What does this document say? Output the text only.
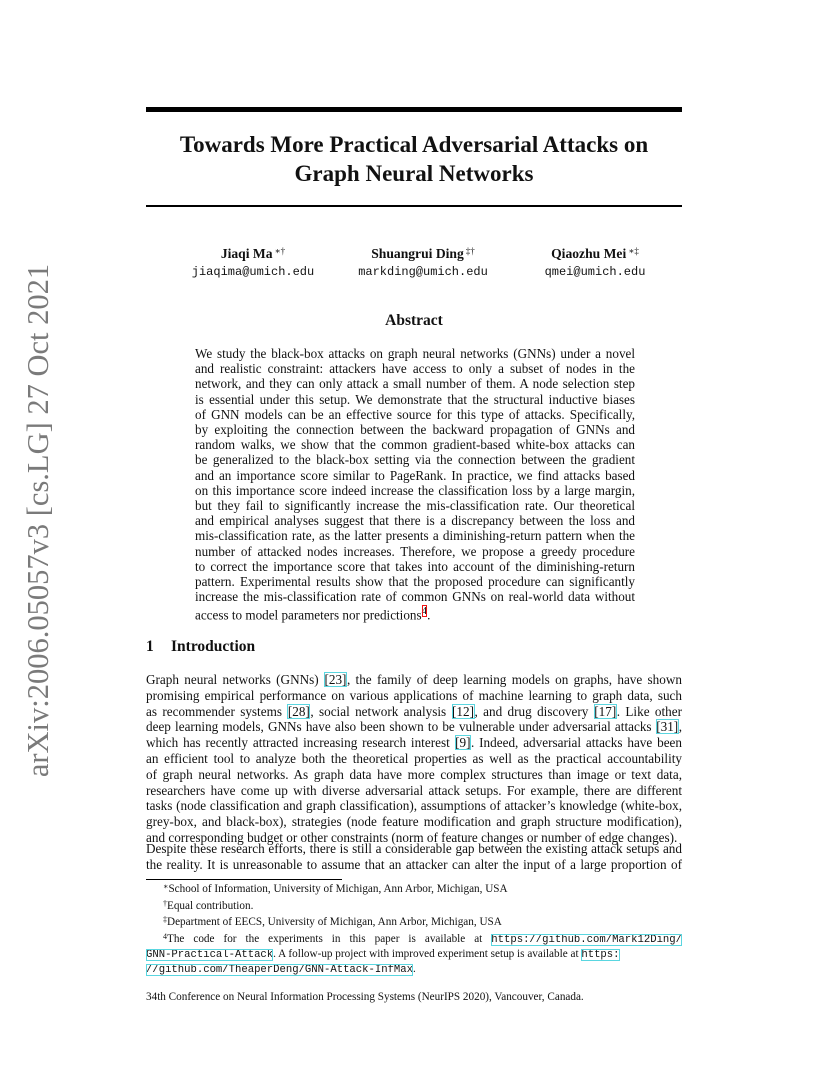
arXiv:2006.05057v3 [cs.LG] 27 Oct 2021
Towards More Practical Adversarial Attacks on
Graph Neural Networks
Jiaqi Ma ∗†
jiaqima@umich.edu
Shuangrui Ding ‡†
markding@umich.edu
Qiaozhu Mei ∗‡
qmei@umich.edu
Abstract
We study the black-box attacks on graph neural networks (GNNs) under a novel
and realistic constraint: attackers have access to only a subset of nodes in the
network, and they can only attack a small number of them. A node selection step
is essential under this setup. We demonstrate that the structural inductive biases
of GNN models can be an effective source for this type of attacks. Specifically,
by exploiting the connection between the backward propagation of GNNs and
random walks, we show that the common gradient-based white-box attacks can
be generalized to the black-box setting via the connection between the gradient
and an importance score similar to PageRank. In practice, we find attacks based
on this importance score indeed increase the classification loss by a large margin,
but they fail to significantly increase the mis-classification rate. Our theoretical
and empirical analyses suggest that there is a discrepancy between the loss and
mis-classification rate, as the latter presents a diminishing-return pattern when the
number of attacked nodes increases. Therefore, we propose a greedy procedure
to correct the importance score that takes into account of the diminishing-return
pattern. Experimental results show that the proposed procedure can significantly
increase the mis-classification rate of common GNNs on real-world data without
access to model parameters nor predictions$^4$.
1 Introduction
Graph neural networks (GNNs) [23], the family of deep learning models on graphs, have shown
promising empirical performance on various applications of machine learning to graph data, such
as recommender systems [28], social network analysis [12], and drug discovery [17]. Like other
deep learning models, GNNs have also been shown to be vulnerable under adversarial attacks [31],
which has recently attracted increasing research interest [9]. Indeed, adversarial attacks have been
an efficient tool to analyze both the theoretical properties as well as the practical accountability
of graph neural networks. As graph data have more complex structures than image or text data,
researchers have come up with diverse adversarial attack setups. For example, there are different
tasks (node classification and graph classification), assumptions of attacker’s knowledge (white-box,
grey-box, and black-box), strategies (node feature modification and graph structure modification),
and corresponding budget or other constraints (norm of feature changes or number of edge changes).
Despite these research efforts, there is still a considerable gap between the existing attack setups and
the reality. It is unreasonable to assume that an attacker can alter the input of a large proportion of
∗School of Information, University of Michigan, Ann Arbor, Michigan, USA
†Equal contribution.
‡Department of EECS, University of Michigan, Ann Arbor, Michigan, USA
$^4$The code for the experiments in this paper is available at https://github.com/Mark12Ding/
GNN-Practical-Attack. A follow-up project with improved experiment setup is available at https:
//github.com/TheaperDeng/GNN-Attack-InfMax.
34th Conference on Neural Information Processing Systems (NeurIPS 2020), Vancouver, Canada.
